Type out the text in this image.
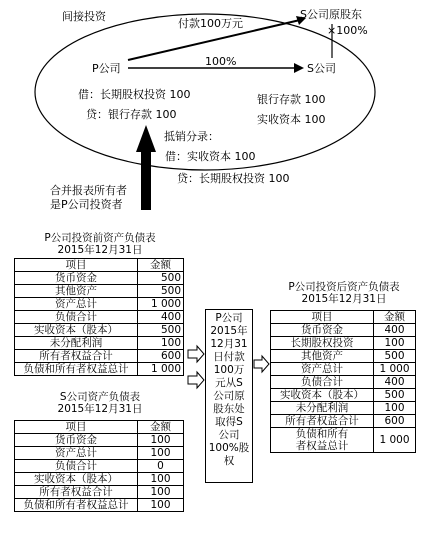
间接投资
付款100万元
S公司原股东
×100%
P公司
100%
S公司
借：长期股权投资 100
贷：银行存款 100
银行存款 100
实收资本 100
抵销分录：
借：实收资本 100
贷：长期股权投资 100
合并报表所有者
是P公司投资者
P公司投资前资产负债表
2015年12月31日
项目	金额
货币资金	500
其他资产	500
资产总计	1 000
负债合计	400
实收资本（股本）	500
未分配利润	100
所有者权益合计	600
负债和所有者权益总计	1 000
S公司资产负债表
2015年12月31日
项目	金额
货币资金	100
资产总计	100
负债合计	0
实收资本（股本）	100
所有者权益合计	100
负债和所有者权益总计	100
P公司
2015年
12月31
日付款
100万
元从S
公司原
股东处
取得S
公司
100%股
权
P公司投资后资产负债表
2015年12月31日
项目	金额
货币资金	400
长期股权投资	100
其他资产	500
资产总计	1 000
负债合计	400
实收资本（股本）	500
未分配利润	100
所有者权益合计	600

负债和所有
者权益总计	1 000
